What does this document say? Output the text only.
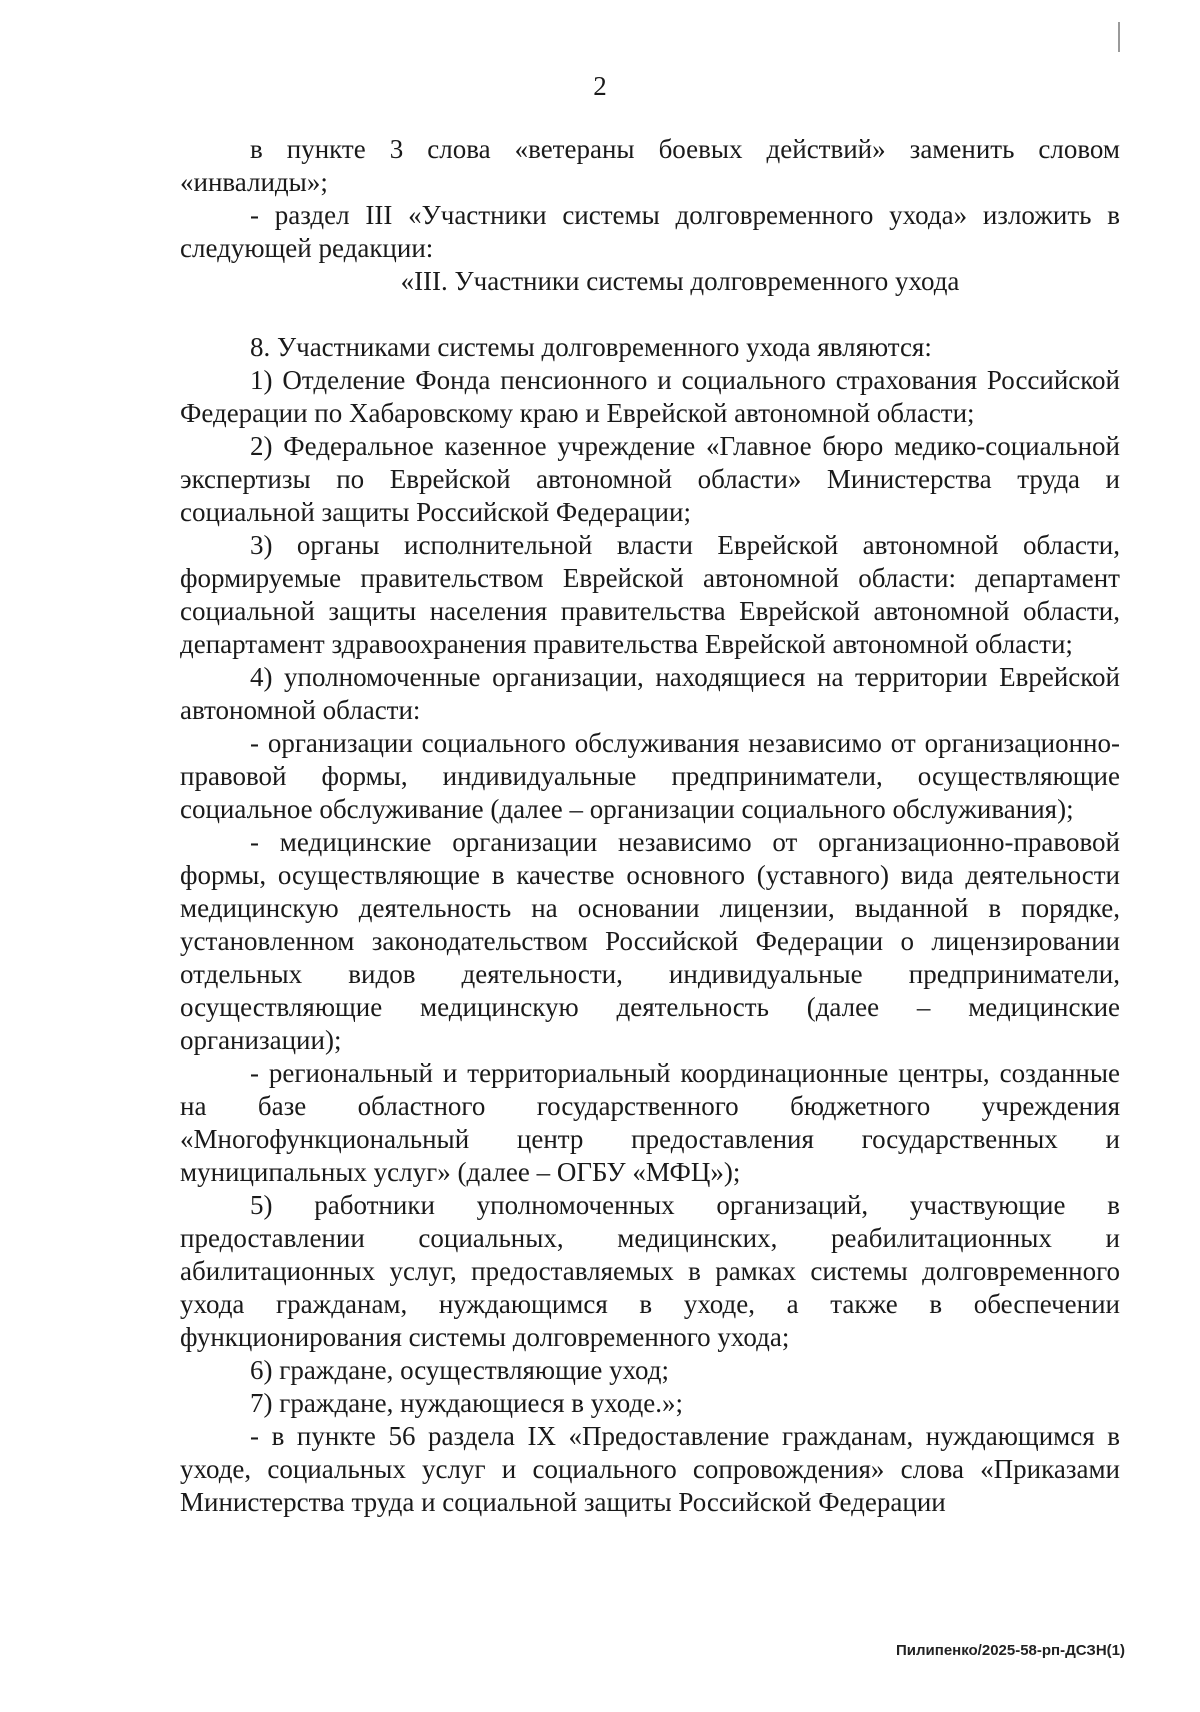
2

в пункте 3 слова «ветераны боевых действий» заменить словом «инвалиды»;

- раздел III «Участники системы долговременного ухода» изложить в следующей редакции:

«III. Участники системы долговременного ухода

8. Участниками системы долговременного ухода являются:

1) Отделение Фонда пенсионного и социального страхования Российской Федерации по Хабаровскому краю и Еврейской автономной области;

2) Федеральное казенное учреждение «Главное бюро медико-социальной экспертизы по Еврейской автономной области» Министерства труда и социальной защиты Российской Федерации;

3) органы исполнительной власти Еврейской автономной области, формируемые правительством Еврейской автономной области: департамент социальной защиты населения правительства Еврейской автономной области, департамент здравоохранения правительства Еврейской автономной области;

4) уполномоченные организации, находящиеся на территории Еврейской автономной области:

- организации социального обслуживания независимо от организационно-правовой формы, индивидуальные предприниматели, осуществляющие социальное обслуживание (далее – организации социального обслуживания);

- медицинские организации независимо от организационно-правовой формы, осуществляющие в качестве основного (уставного) вида деятельности медицинскую деятельность на основании лицензии, выданной в порядке, установленном законодательством Российской Федерации о лицензировании отдельных видов деятельности, индивидуальные предприниматели, осуществляющие медицинскую деятельность (далее – медицинские организации);

- региональный и территориальный координационные центры, созданные на базе областного государственного бюджетного учреждения «Многофункциональный центр предоставления государственных и муниципальных услуг» (далее – ОГБУ «МФЦ»);

5) работники уполномоченных организаций, участвующие в предоставлении социальных, медицинских, реабилитационных и абилитационных услуг, предоставляемых в рамках системы долговременного ухода гражданам, нуждающимся в уходе, а также в обеспечении функционирования системы долговременного ухода;

6) граждане, осуществляющие уход;

7) граждане, нуждающиеся в уходе.»;

- в пункте 56 раздела IX «Предоставление гражданам, нуждающимся в уходе, социальных услуг и социального сопровождения» слова «Приказами Министерства труда и социальной защиты Российской Федерации

Пилипенко/2025-58-рп-ДСЗН(1)
